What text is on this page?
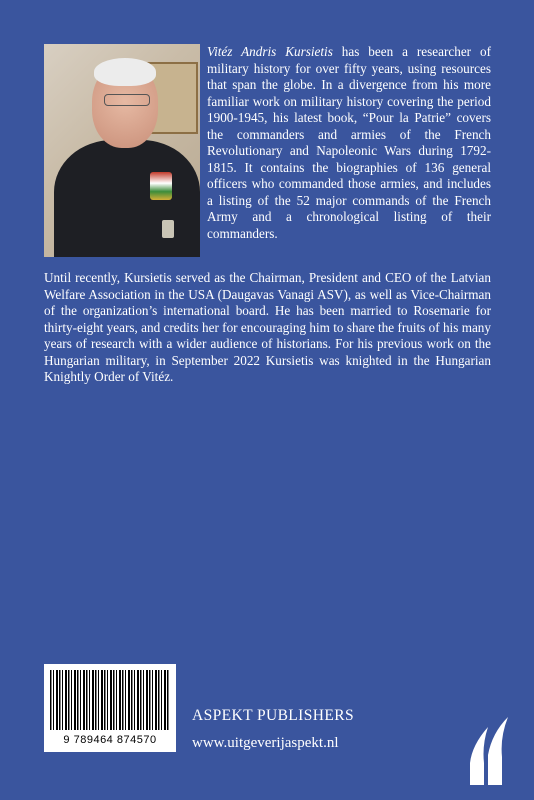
Vitéz Andris Kursietis has been a researcher of military history for over fifty years, using resources that span the globe. In a divergence from his more familiar work on military history covering the period 1900-1945, his latest book, “Pour la Patrie” covers the commanders and armies of the French Revolutionary and Napoleonic Wars during 1792-1815. It contains the biographies of 136 general officers who commanded those armies, and includes a listing of the 52 major commands of the French Army and a chronological listing of their commanders.

Until recently, Kursietis served as the Chairman, President and CEO of the Latvian Welfare Association in the USA (Daugavas Vanagi ASV), as well as Vice-Chairman of the organization’s international board. He has been married to Rosemarie for thirty-eight years, and credits her for encouraging him to share the fruits of his many years of research with a wider audience of historians. For his previous work on the Hungarian military, in September 2022 Kursietis was knighted in the Hungarian Knightly Order of Vitéz.

9 789464 874570
ASPEKT PUBLISHERS
www.uitgeverijaspekt.nl
